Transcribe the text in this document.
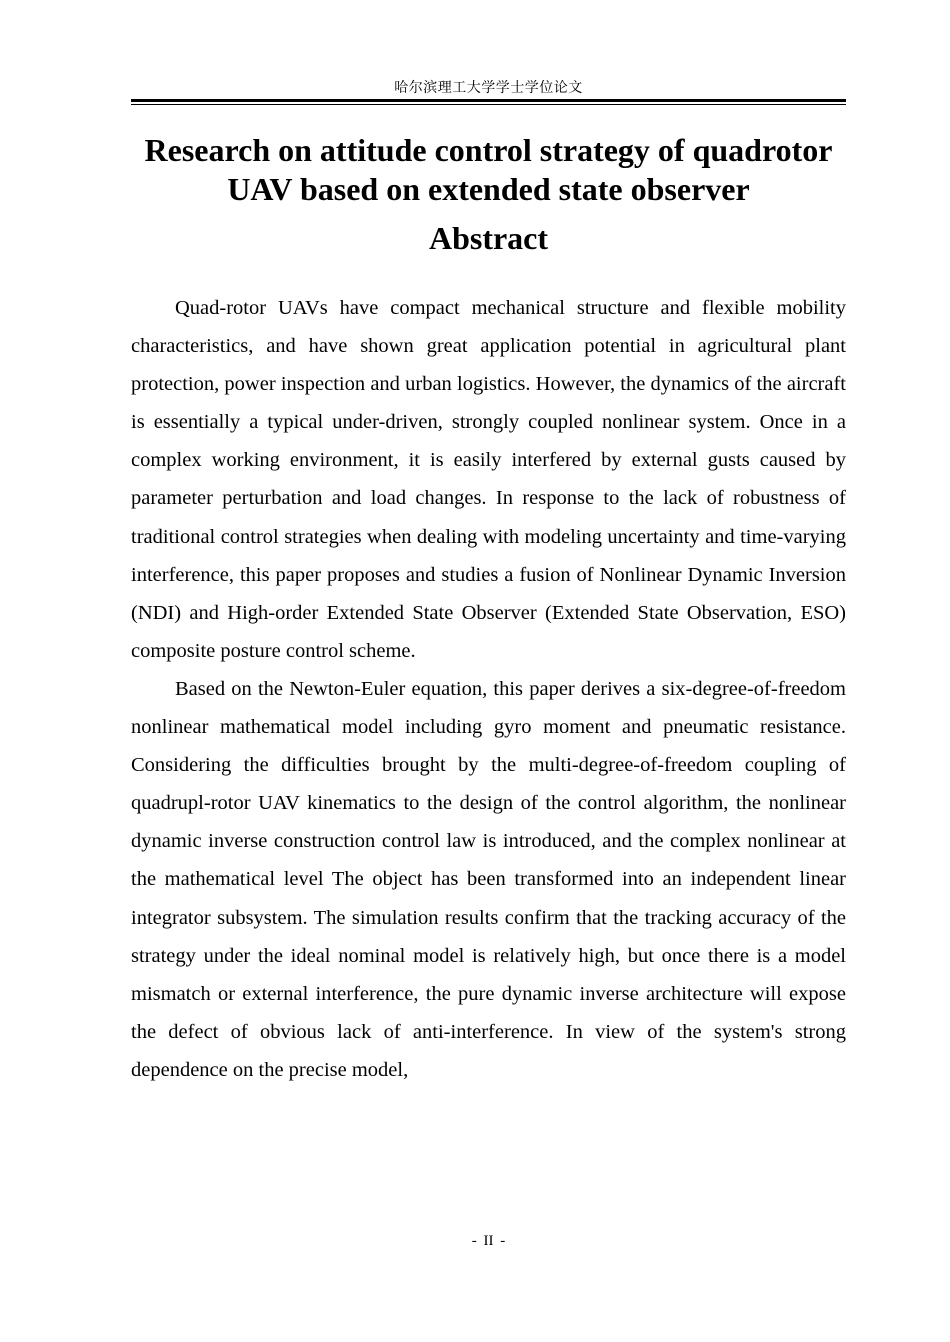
哈尔滨理工大学学士学位论文
Research on attitude control strategy of quadrotor
UAV based on extended state observer
Abstract

Quad-rotor UAVs have compact mechanical structure and flexible mobility characteristics, and have shown great application potential in agricultural plant protection, power inspection and urban logistics. However, the dynamics of the aircraft is essentially a typical under-driven, strongly coupled nonlinear system. Once in a complex working environment, it is easily interfered by external gusts caused by parameter perturbation and load changes. In response to the lack of robustness of traditional control strategies when dealing with modeling uncertainty and time-varying interference, this paper proposes and studies a fusion of Nonlinear Dynamic Inversion (NDI) and High-order Extended State Observer (Extended State Observation, ESO) composite posture control scheme.

Based on the Newton-Euler equation, this paper derives a six-degree-of-freedom nonlinear mathematical model including gyro moment and pneumatic resistance. Considering the difficulties brought by the multi-degree-of-freedom coupling of quadrupl-rotor UAV kinematics to the design of the control algorithm, the nonlinear dynamic inverse construction control law is introduced, and the complex nonlinear at the mathematical level The object has been transformed into an independent linear integrator subsystem. The simulation results confirm that the tracking accuracy of the strategy under the ideal nominal model is relatively high, but once there is a model mismatch or external interference, the pure dynamic inverse architecture will expose the defect of obvious lack of anti-interference. In view of the system's strong dependence on the precise model,

- II -
